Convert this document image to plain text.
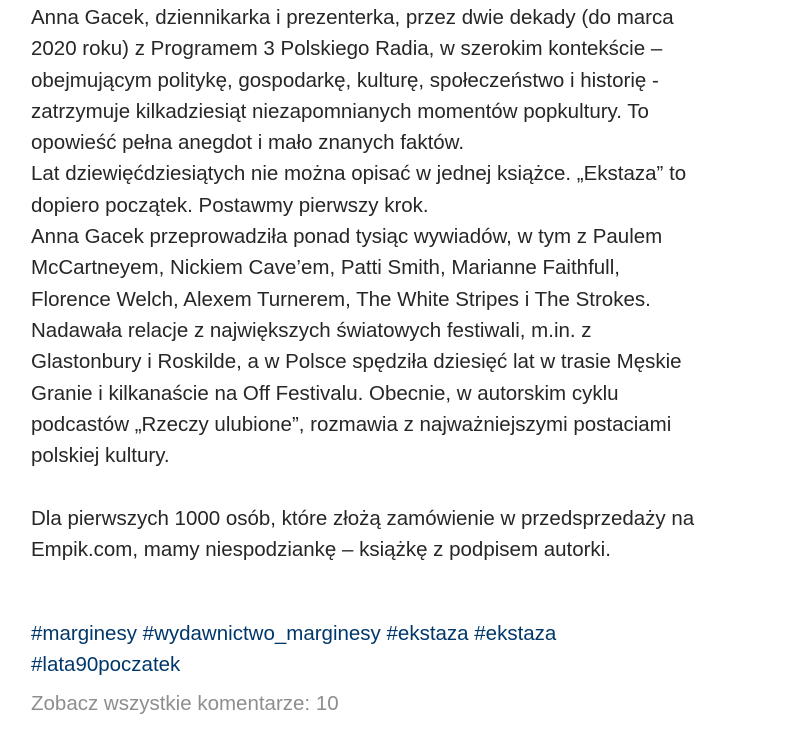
Anna Gacek, dziennikarka i prezenterka, przez dwie dekady (do marca
2020 roku) z Programem 3 Polskiego Radia, w szerokim kontekście –
obejmującym politykę, gospodarkę, kulturę, społeczeństwo i historię -
zatrzymuje kilkadziesiąt niezapomnianych momentów popkultury. To
opowieść pełna anegdot i mało znanych faktów.
Lat dziewięćdziesiątych nie można opisać w jednej książce. „Ekstaza” to
dopiero początek. Postawmy pierwszy krok.
Anna Gacek przeprowadziła ponad tysiąc wywiadów, w tym z Paulem
McCartneyem, Nickiem Cave’em, Patti Smith, Marianne Faithfull,
Florence Welch, Alexem Turnerem, The White Stripes i The Strokes.
Nadawała relacje z największych światowych festiwali, m.in. z
Glastonbury i Roskilde, a w Polsce spędziła dziesięć lat w trasie Męskie
Granie i kilkanaście na Off Festivalu. Obecnie, w autorskim cyklu
podcastów „Rzeczy ulubione”, rozmawia z najważniejszymi postaciami
polskiej kultury.
Dla pierwszych 1000 osób, które złożą zamówienie w przedsprzedaży na
Empik.com, mamy niespodziankę – książkę z podpisem autorki.
#marginesy #wydawnictwo_marginesy #ekstaza #ekstaza
#lata90poczatek
Zobacz wszystkie komentarze: 10
